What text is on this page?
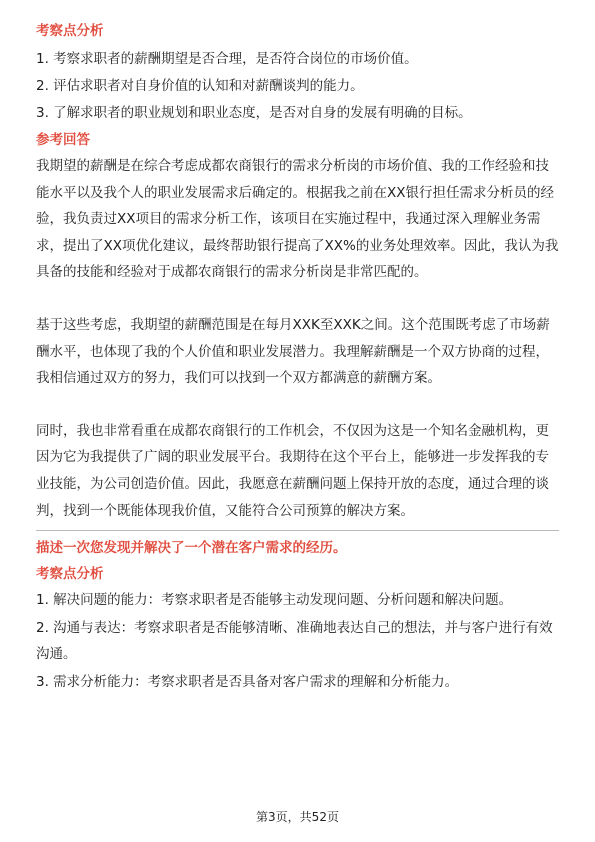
考察点分析

1. 考察求职者的薪酬期望是否合理，是否符合岗位的市场价值。

2. 评估求职者对自身价值的认知和对薪酬谈判的能力。

3. 了解求职者的职业规划和职业态度，是否对自身的发展有明确的目标。

参考回答

我期望的薪酬是在综合考虑成都农商银行的需求分析岗的市场价值、我的工作经验和技能水平以及我个人的职业发展需求后确定的。根据我之前在XX银行担任需求分析员的经验，我负责过XX项目的需求分析工作，该项目在实施过程中，我通过深入理解业务需求，提出了XX项优化建议，最终帮助银行提高了XX%的业务处理效率。因此，我认为我具备的技能和经验对于成都农商银行的需求分析岗是非常匹配的。

基于这些考虑，我期望的薪酬范围是在每月XXK至XXK之间。这个范围既考虑了市场薪酬水平，也体现了我的个人价值和职业发展潜力。我理解薪酬是一个双方协商的过程，我相信通过双方的努力，我们可以找到一个双方都满意的薪酬方案。

同时，我也非常看重在成都农商银行的工作机会，不仅因为这是一个知名金融机构，更因为它为我提供了广阔的职业发展平台。我期待在这个平台上，能够进一步发挥我的专业技能，为公司创造价值。因此，我愿意在薪酬问题上保持开放的态度，通过合理的谈判，找到一个既能体现我价值，又能符合公司预算的解决方案。

描述一次您发现并解决了一个潜在客户需求的经历。

考察点分析

1. 解决问题的能力：考察求职者是否能够主动发现问题、分析问题和解决问题。

2. 沟通与表达：考察求职者是否能够清晰、准确地表达自己的想法，并与客户进行有效沟通。

3. 需求分析能力：考察求职者是否具备对客户需求的理解和分析能力。

第3页，共52页
